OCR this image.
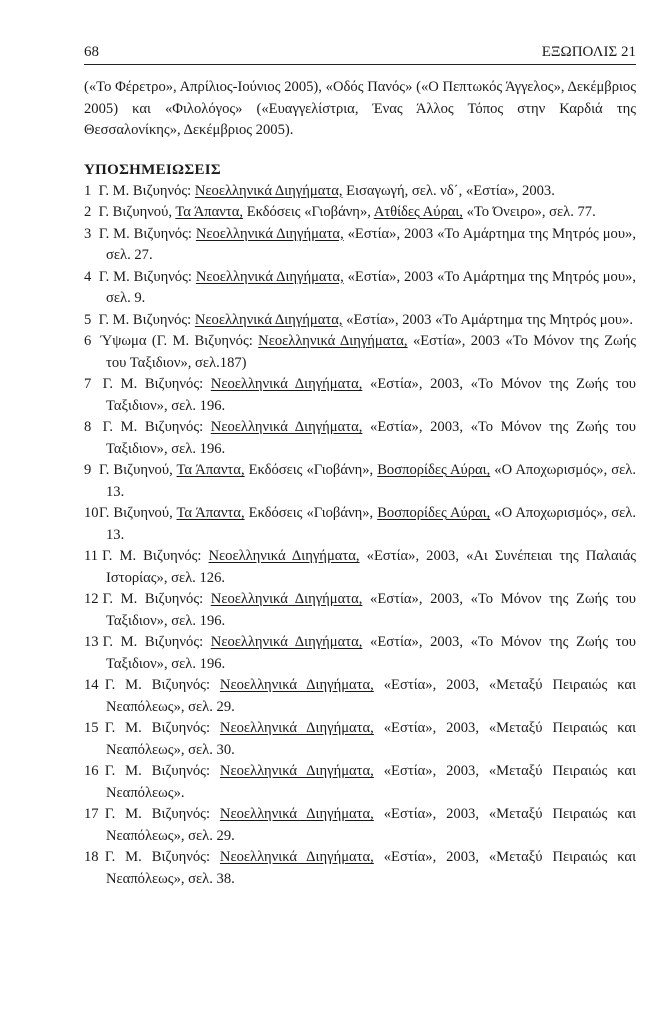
68	ΕΞΩΠΟΛΙΣ 21
(«Το Φέρετρο», Απρίλιος-Ιούνιος 2005), «Οδός Πανός» («Ο Πεπτωκός Άγγελος», Δεκέμβριος 2005) και «Φιλολόγος» («Ευαγγελίστρια, Ένας Άλλος Τόπος στην Καρδιά της Θεσσαλονίκης», Δεκέμβριος 2005).
ΥΠΟΣΗΜΕΙΩΣΕΙΣ
1 Γ. Μ. Βιζυηνός: Νεοελληνικά Διηγήματα, Εισαγωγή, σελ. νδ΄, «Εστία», 2003.
2 Γ. Βιζυηνού, Τα Άπαντα, Εκδόσεις «Γιοβάνη», Ατθίδες Αύραι, «Το Όνειρο», σελ. 77.
3 Γ. Μ. Βιζυηνός: Νεοελληνικά Διηγήματα, «Εστία», 2003 «Το Αμάρτημα της Μητρός μου», σελ. 27.
4 Γ. Μ. Βιζυηνός: Νεοελληνικά Διηγήματα, «Εστία», 2003 «Το Αμάρτημα της Μητρός μου», σελ. 9.
5 Γ. Μ. Βιζυηνός: Νεοελληνικά Διηγήματα, «Εστία», 2003 «Το Αμάρτημα της Μητρός μου».
6 Ύψωμα (Γ. Μ. Βιζυηνός: Νεοελληνικά Διηγήματα, «Εστία», 2003 «Το Μόνον της Ζωής του Ταξιδιον», σελ.187)
7 Γ. Μ. Βιζυηνός: Νεοελληνικά Διηγήματα, «Εστία», 2003, «Το Μόνον της Ζωής του Ταξιδιον», σελ. 196.
8 Γ. Μ. Βιζυηνός: Νεοελληνικά Διηγήματα, «Εστία», 2003, «Το Μόνον της Ζωής του Ταξιδιον», σελ. 196.
9 Γ. Βιζυηνού, Τα Άπαντα, Εκδόσεις «Γιοβάνη», Βοσπορίδες Αύραι, «Ο Αποχωρισμός», σελ. 13.
10 Γ. Βιζυηνού, Τα Άπαντα, Εκδόσεις «Γιοβάνη», Βοσπορίδες Αύραι, «Ο Αποχωρισμός», σελ. 13.
11 Γ. Μ. Βιζυηνός: Νεοελληνικά Διηγήματα, «Εστία», 2003, «Αι Συνέπειαι της Παλαιάς Ιστορίας», σελ. 126.
12 Γ. Μ. Βιζυηνός: Νεοελληνικά Διηγήματα, «Εστία», 2003, «Το Μόνον της Ζωής του Ταξιδιον», σελ. 196.
13 Γ. Μ. Βιζυηνός: Νεοελληνικά Διηγήματα, «Εστία», 2003, «Το Μόνον της Ζωής του Ταξιδιον», σελ. 196.
14 Γ. Μ. Βιζυηνός: Νεοελληνικά Διηγήματα, «Εστία», 2003, «Μεταξύ Πειραιώς και Νεαπόλεως», σελ. 29.
15 Γ. Μ. Βιζυηνός: Νεοελληνικά Διηγήματα, «Εστία», 2003, «Μεταξύ Πειραιώς και Νεαπόλεως», σελ. 30.
16 Γ. Μ. Βιζυηνός: Νεοελληνικά Διηγήματα, «Εστία», 2003, «Μεταξύ Πειραιώς και Νεαπόλεως».
17 Γ. Μ. Βιζυηνός: Νεοελληνικά Διηγήματα, «Εστία», 2003, «Μεταξύ Πειραιώς και Νεαπόλεως», σελ. 29.
18 Γ. Μ. Βιζυηνός: Νεοελληνικά Διηγήματα, «Εστία», 2003, «Μεταξύ Πειραιώς και Νεαπόλεως», σελ. 38.
